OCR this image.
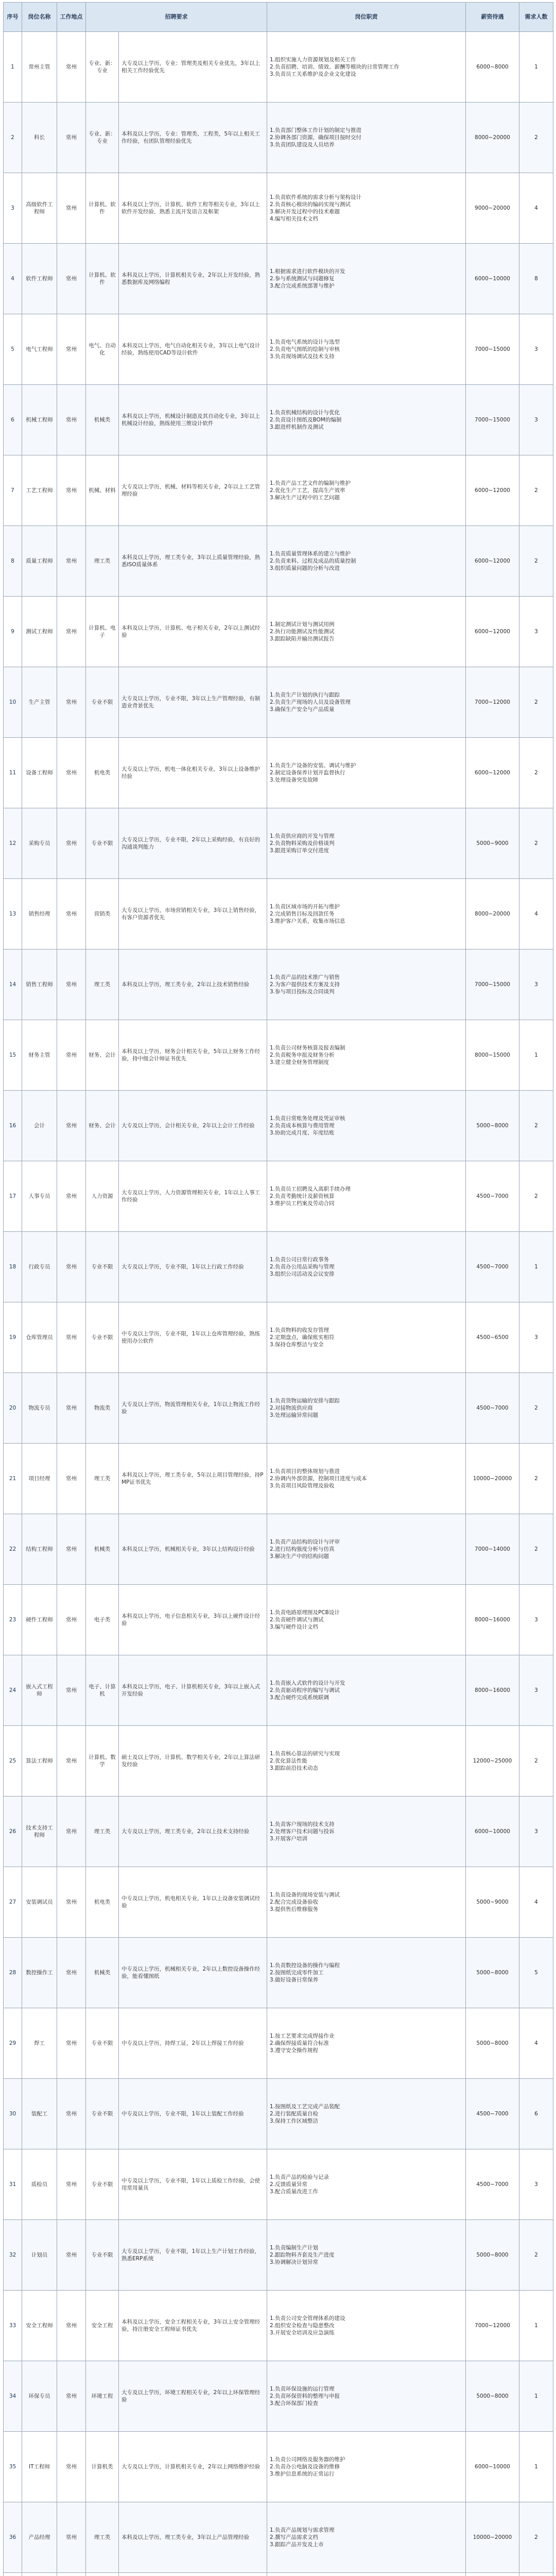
序号	岗位名称	工作地点	招聘要求		岗位职责	薪资待遇	需求人数
1	常州主管	常州	专业、新：专业	大专及以上学历，专业：管理类及相关专业优先，3年以上相关工作经验优先	1.组织实施人力资源规划及相关工作
2.负责招聘、培训、绩效、薪酬等模块的日常管理工作
3.负责员工关系维护及企业文化建设	6000~8000	1
2	科长	常州	专业、新：专业	本科及以上学历，专业：管理类、工程类，5年以上相关工作经验，有团队管理经验优先	1.负责部门整体工作计划的制定与推进
2.协调各部门资源，确保项目按时交付
3.负责团队建设及人员培养	8000~20000	2
3	高级软件工程师	常州	计算机、软件	本科及以上学历，计算机、软件工程等相关专业，3年以上软件开发经验，熟悉主流开发语言及框架	1.负责软件系统的需求分析与架构设计
2.负责核心模块的编码实现与测试
3.解决开发过程中的技术难题
4.编写相关技术文档	9000~20000	4
4	软件工程师	常州	计算机、软件	本科及以上学历，计算机相关专业，2年以上开发经验，熟悉数据库及网络编程	1.根据需求进行软件模块的开发
2.参与系统测试与问题修复
3.配合完成系统部署与维护	6000~10000	8
5	电气工程师	常州	电气、自动化	本科及以上学历，电气自动化相关专业，3年以上电气设计经验，熟练使用CAD等设计软件	1.负责电气系统的设计与选型
2.负责电气图纸的绘制与审核
3.负责现场调试及技术支持	7000~15000	3
6	机械工程师	常州	机械类	本科及以上学历，机械设计制造及其自动化专业，3年以上机械设计经验，熟练使用三维设计软件	1.负责机械结构的设计与优化
2.负责设计图纸及BOM的编制
3.跟进样机制作及测试	7000~15000	3
7	工艺工程师	常州	机械、材料	大专及以上学历，机械、材料等相关专业，2年以上工艺管理经验	1.负责产品工艺文件的编制与维护
2.优化生产工艺，提高生产效率
3.解决生产过程中的工艺问题	6000~12000	2
8	质量工程师	常州	理工类	本科及以上学历，理工类专业，3年以上质量管理经验，熟悉ISO质量体系	1.负责质量管理体系的建立与维护
2.负责来料、过程及成品的质量控制
3.组织质量问题的分析与改进	6000~12000	2
9	测试工程师	常州	计算机、电子	本科及以上学历，计算机、电子相关专业，2年以上测试经验	1.制定测试计划与测试用例
2.执行功能测试及性能测试
3.跟踪缺陷并输出测试报告	6000~12000	3
10	生产主管	常州	专业不限	大专及以上学历，专业不限，3年以上生产管理经验，有制造业背景优先	1.负责生产计划的执行与跟踪
2.负责生产现场的人员及设备管理
3.确保生产安全与产品质量	7000~12000	2
11	设备工程师	常州	机电类	大专及以上学历，机电一体化相关专业，3年以上设备维护经验	1.负责生产设备的安装、调试与维护
2.制定设备保养计划并监督执行
3.处理设备突发故障	6000~12000	2
12	采购专员	常州	专业不限	大专及以上学历，专业不限，2年以上采购经验，有良好的沟通谈判能力	1.负责供应商的开发与管理
2.负责物料采购及价格谈判
3.跟进采购订单交付进度	5000~9000	2
13	销售经理	常州	营销类	大专及以上学历，市场营销相关专业，3年以上销售经验，有客户资源者优先	1.负责区域市场的开拓与维护
2.完成销售目标及回款任务
3.维护客户关系，收集市场信息	8000~20000	4
14	销售工程师	常州	理工类	本科及以上学历，理工类专业，2年以上技术销售经验	1.负责产品的技术推广与销售
2.为客户提供技术方案及支持
3.参与项目投标及合同谈判	7000~15000	3
15	财务主管	常州	财务、会计	本科及以上学历，财务会计相关专业，5年以上财务工作经验，持中级会计师证书优先	1.负责公司财务核算及报表编制
2.负责税务申报及财务分析
3.建立健全财务管理制度	8000~15000	1
16	会计	常州	财务、会计	大专及以上学历，会计相关专业，2年以上会计工作经验	1.负责日常账务处理及凭证审核
2.负责成本核算与费用管理
3.协助完成月度、年度结账	5000~8000	2
17	人事专员	常州	人力资源	大专及以上学历，人力资源管理相关专业，1年以上人事工作经验	1.负责员工招聘及入离职手续办理
2.负责考勤统计及薪资核算
3.维护员工档案及劳动合同	4500~7000	2
18	行政专员	常州	专业不限	大专及以上学历，专业不限，1年以上行政工作经验	1.负责公司日常行政事务
2.负责办公用品采购与管理
3.组织公司活动及会议安排	4500~7000	1
19	仓库管理员	常州	专业不限	中专及以上学历，专业不限，1年以上仓库管理经验，熟练使用办公软件	1.负责物料的收发存管理
2.定期盘点，确保账实相符
3.保持仓库整洁与安全	4500~6500	3
20	物流专员	常州	物流类	大专及以上学历，物流管理相关专业，1年以上物流工作经验	1.负责货物运输的安排与跟踪
2.对接物流供应商
3.处理运输异常问题	4500~7000	2
21	项目经理	常州	理工类	本科及以上学历，理工类专业，5年以上项目管理经验，持PMP证书优先	1.负责项目的整体规划与推进
2.协调内外部资源，控制项目进度与成本
3.负责项目风险管理及验收	10000~20000	2
22	结构工程师	常州	机械类	本科及以上学历，机械相关专业，3年以上结构设计经验	1.负责产品结构的设计与评审
2.进行结构强度分析与仿真
3.解决生产中的结构问题	7000~14000	2
23	硬件工程师	常州	电子类	本科及以上学历，电子信息相关专业，3年以上硬件设计经验	1.负责电路原理图及PCB设计
2.负责硬件调试与测试
3.编写硬件设计文档	8000~16000	3
24	嵌入式工程师	常州	电子、计算机	本科及以上学历，电子、计算机相关专业，3年以上嵌入式开发经验	1.负责嵌入式软件的设计与开发
2.负责驱动程序的编写与调试
3.配合硬件完成系统联调	8000~16000	3
25	算法工程师	常州	计算机、数学	硕士及以上学历，计算机、数学相关专业，2年以上算法研发经验	1.负责核心算法的研究与实现
2.优化算法性能
3.跟踪前沿技术动态	12000~25000	2
26	技术支持工程师	常州	理工类	大专及以上学历，理工类专业，2年以上技术支持经验	1.负责客户现场的技术支持
2.处理客户技术问题与投诉
3.开展客户培训	6000~10000	3
27	安装调试员	常州	机电类	中专及以上学历，机电相关专业，1年以上设备安装调试经验	1.负责设备的现场安装与调试
2.配合完成设备验收
3.提供售后维修服务	5000~9000	4
28	数控操作工	常州	机械类	中专及以上学历，机械相关专业，2年以上数控设备操作经验，能看懂图纸	1.负责数控设备的操作与编程
2.按图纸完成零件加工
3.做好设备日常保养	5000~8000	5
29	焊工	常州	专业不限	中专及以上学历，持焊工证，2年以上焊接工作经验	1.按工艺要求完成焊接作业
2.确保焊接质量符合标准
3.遵守安全操作规程	5000~8000	4
30	装配工	常州	专业不限	中专及以上学历，专业不限，1年以上装配工作经验	1.按图纸及工艺完成产品装配
2.进行装配质量自检
3.保持工作区域整洁	4500~7000	6
31	质检员	常州	专业不限	中专及以上学历，专业不限，1年以上质检工作经验，会使用常用量具	1.负责产品的检验与记录
2.反馈质量异常
3.配合质量改进工作	4500~7000	3
32	计划员	常州	专业不限	大专及以上学历，专业不限，1年以上生产计划工作经验，熟悉ERP系统	1.负责编制生产计划
2.跟踪物料齐套及生产进度
3.协调解决计划异常	5000~8000	2
33	安全工程师	常州	安全工程	本科及以上学历，安全工程相关专业，3年以上安全管理经验，持注册安全工程师证书优先	1.负责公司安全管理体系的建设
2.组织安全检查与隐患整改
3.开展安全培训及应急演练	7000~12000	1
34	环保专员	常州	环境工程	大专及以上学历，环境工程相关专业，2年以上环保管理经验	1.负责环保设施的运行管理
2.负责环保资料的整理与申报
3.配合环保部门检查	5000~8000	1
35	IT工程师	常州	计算机类	大专及以上学历，计算机相关专业，2年以上网络维护经验	1.负责公司网络及服务器的维护
2.负责办公电脑及设备的维修
3.维护信息系统的正常运行	6000~10000	1
36	产品经理	常州	理工类	本科及以上学历，理工类专业，3年以上产品管理经验	1.负责产品规划与需求管理
2.撰写产品需求文档
3.跟踪产品开发及上市	10000~20000	2
